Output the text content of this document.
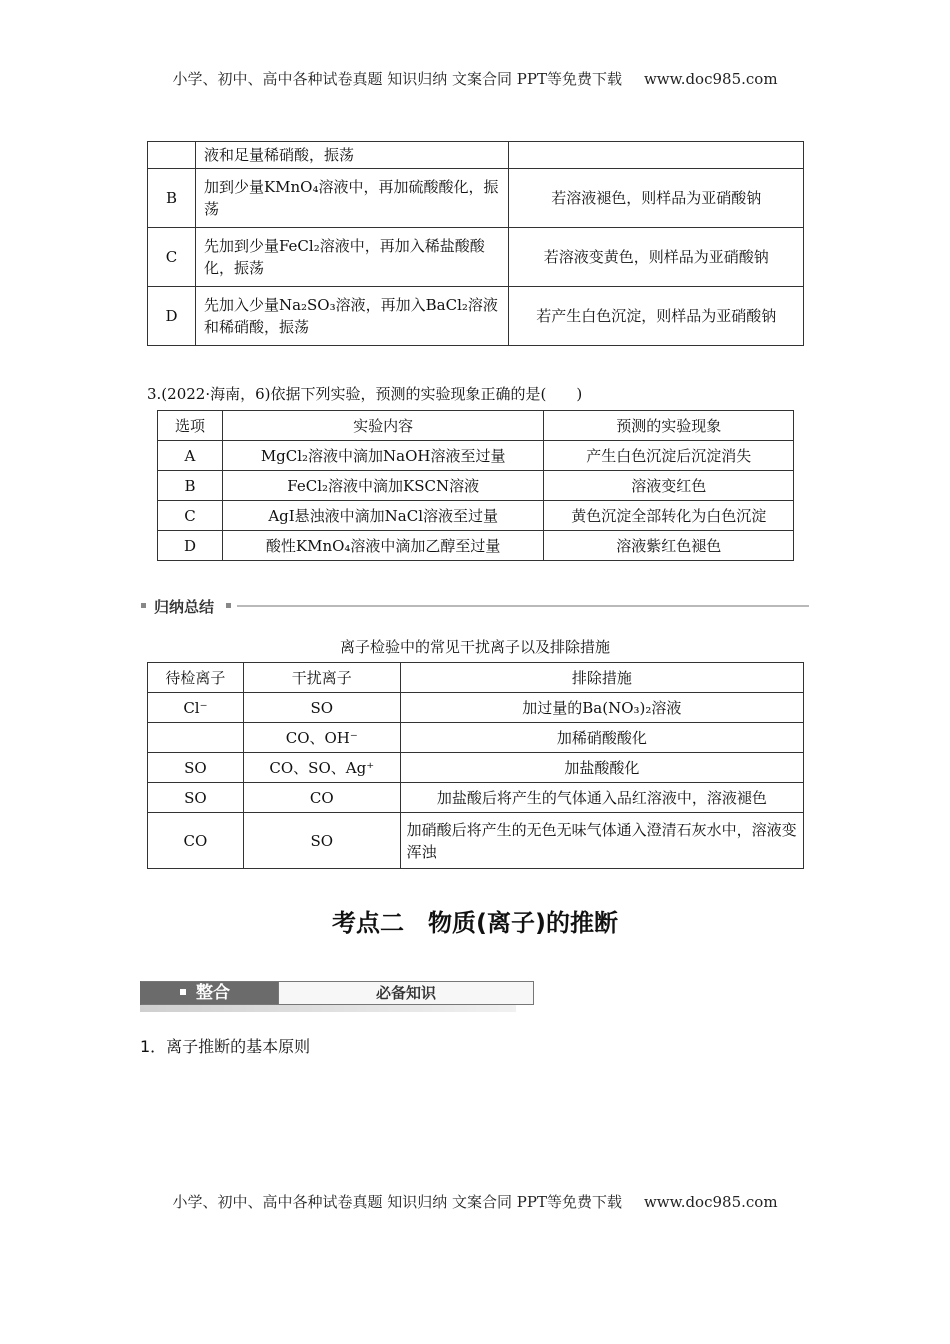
小学、初中、高中各种试卷真题 知识归纳 文案合同 PPT等免费下载 www.doc985.com
	液和足量稀硝酸，振荡	
B	加到少量KMnO₄溶液中，再加硫酸酸化，振荡	若溶液褪色，则样品为亚硝酸钠
C	先加到少量FeCl₂溶液中，再加入稀盐酸酸化，振荡	若溶液变黄色，则样品为亚硝酸钠
D	先加入少量Na₂SO₃溶液，再加入BaCl₂溶液和稀硝酸，振荡	若产生白色沉淀，则样品为亚硝酸钠
3.(2022·海南，6)依据下列实验，预测的实验现象正确的是(　　)
选项	实验内容	预测的实验现象
A	MgCl₂溶液中滴加NaOH溶液至过量	产生白色沉淀后沉淀消失
B	FeCl₂溶液中滴加KSCN溶液	溶液变红色
C	AgI悬浊液中滴加NaCl溶液至过量	黄色沉淀全部转化为白色沉淀
D	酸性KMnO₄溶液中滴加乙醇至过量	溶液紫红色褪色
归纳总结
离子检验中的常见干扰离子以及排除措施
待检离子	干扰离子	排除措施
Cl⁻	SO	加过量的Ba(NO₃)₂溶液
	CO、OH⁻	加稀硝酸酸化
SO	CO、SO、Ag⁺	加盐酸酸化
SO	CO	加盐酸后将产生的气体通入品红溶液中，溶液褪色
CO	SO	加硝酸后将产生的无色无味气体通入澄清石灰水中，溶液变浑浊
考点二　物质(离子)的推断
必备知识
1．离子推断的基本原则
小学、初中、高中各种试卷真题 知识归纳 文案合同 PPT等免费下载 www.doc985.com
